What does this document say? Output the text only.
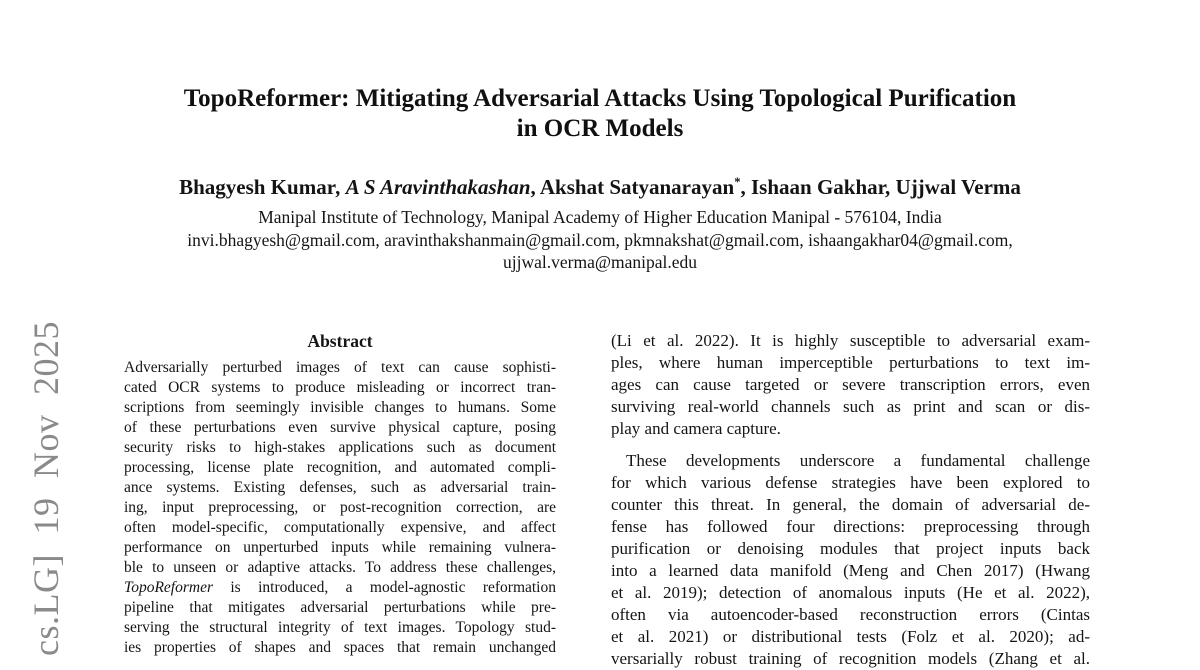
cs.LG] 19 Nov 2025
TopoReformer: Mitigating Adversarial Attacks Using Topological Purification
in OCR Models
Bhagyesh Kumar, A S Aravinthakashan, Akshat Satyanarayan*, Ishaan Gakhar, Ujjwal Verma
Manipal Institute of Technology, Manipal Academy of Higher Education Manipal - 576104, India
invi.bhagyesh@gmail.com, aravinthakshanmain@gmail.com, pkmnakshat@gmail.com, ishaangakhar04@gmail.com,
ujjwal.verma@manipal.edu
Abstract
Adversarially perturbed images of text can cause sophisti-
cated OCR systems to produce misleading or incorrect tran-
scriptions from seemingly invisible changes to humans. Some
of these perturbations even survive physical capture, posing
security risks to high-stakes applications such as document
processing, license plate recognition, and automated compli-
ance systems. Existing defenses, such as adversarial train-
ing, input preprocessing, or post-recognition correction, are
often model-specific, computationally expensive, and affect
performance on unperturbed inputs while remaining vulnera-
ble to unseen or adaptive attacks. To address these challenges,
TopoReformer is introduced, a model-agnostic reformation
pipeline that mitigates adversarial perturbations while pre-
serving the structural integrity of text images. Topology stud-
ies properties of shapes and spaces that remain unchanged
(Li et al. 2022). It is highly susceptible to adversarial exam-
ples, where human imperceptible perturbations to text im-
ages can cause targeted or severe transcription errors, even
surviving real-world channels such as print and scan or dis-
play and camera capture.
These developments underscore a fundamental challenge
for which various defense strategies have been explored to
counter this threat. In general, the domain of adversarial de-
fense has followed four directions: preprocessing through
purification or denoising modules that project inputs back
into a learned data manifold (Meng and Chen 2017) (Hwang
et al. 2019); detection of anomalous inputs (He et al. 2022),
often via autoencoder-based reconstruction errors (Cintas
et al. 2021) or distributional tests (Folz et al. 2020); ad-
versarially robust training of recognition models (Zhang et al.
